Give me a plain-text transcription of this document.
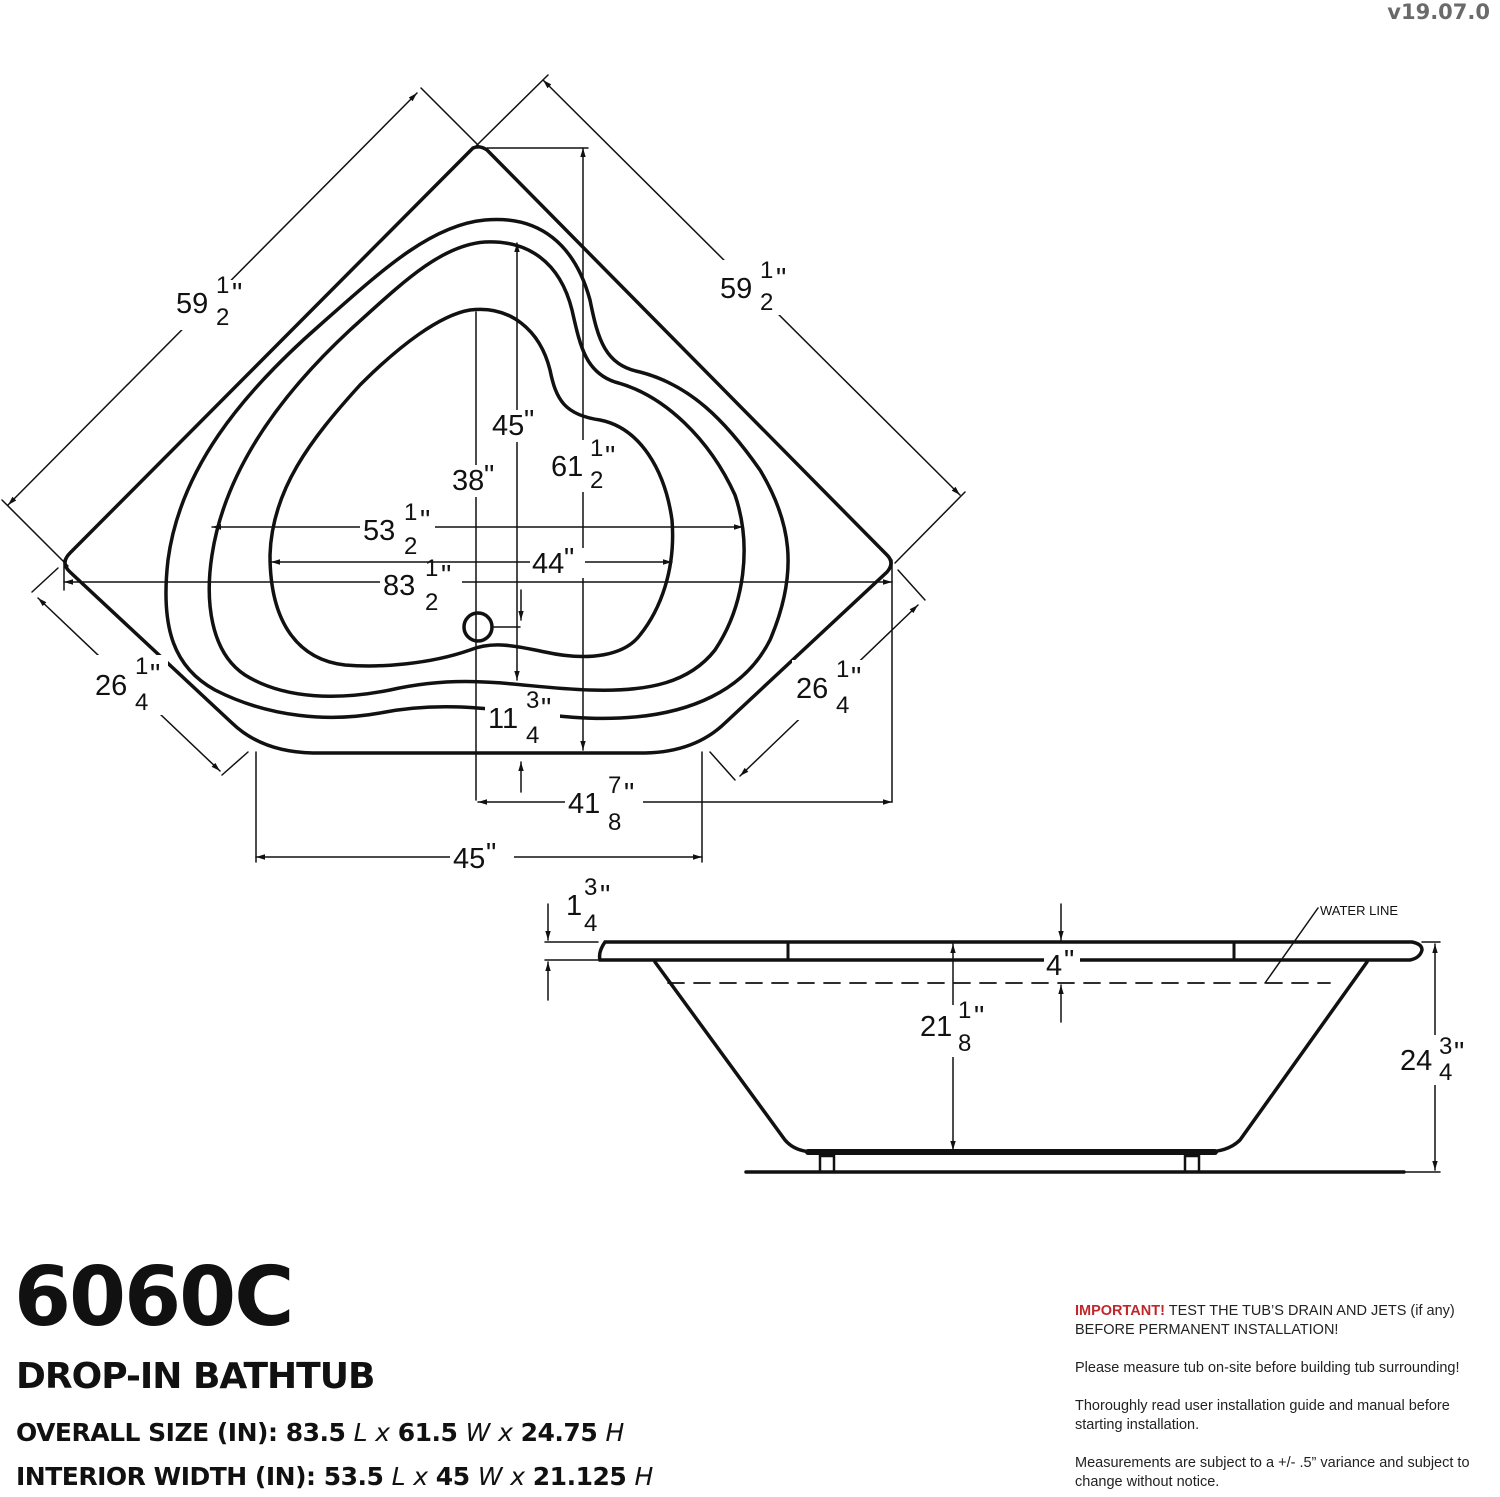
v19.07.0
59
1
2
"	59
1
2
"
45 "
38 " 61
1
2
"
53
1
2
"
44 "
83
1
2
"
26
1
4
"	26
1
4
"
11
3
4
"
41
7
8
"
45 "
1
3
4
"	WATER LINE
4 "
21
1
8
"
24 3
4
"
6060C
DROP-IN BATHTUB
OVERALL SIZE (IN): 83.5 L x 61.5 W x 24.75 H
INTERIOR WIDTH (IN): 53.5 L x 45 W x 21.125 H

IMPORTANT! TEST THE TUB’S DRAIN AND JETS (if any) BEFORE PERMANENT INSTALLATION!

Please measure tub on-site before building tub surrounding!

Thoroughly read user installation guide and manual before starting installation.

Measurements are subject to a +/- .5” variance and subject to change without notice.
